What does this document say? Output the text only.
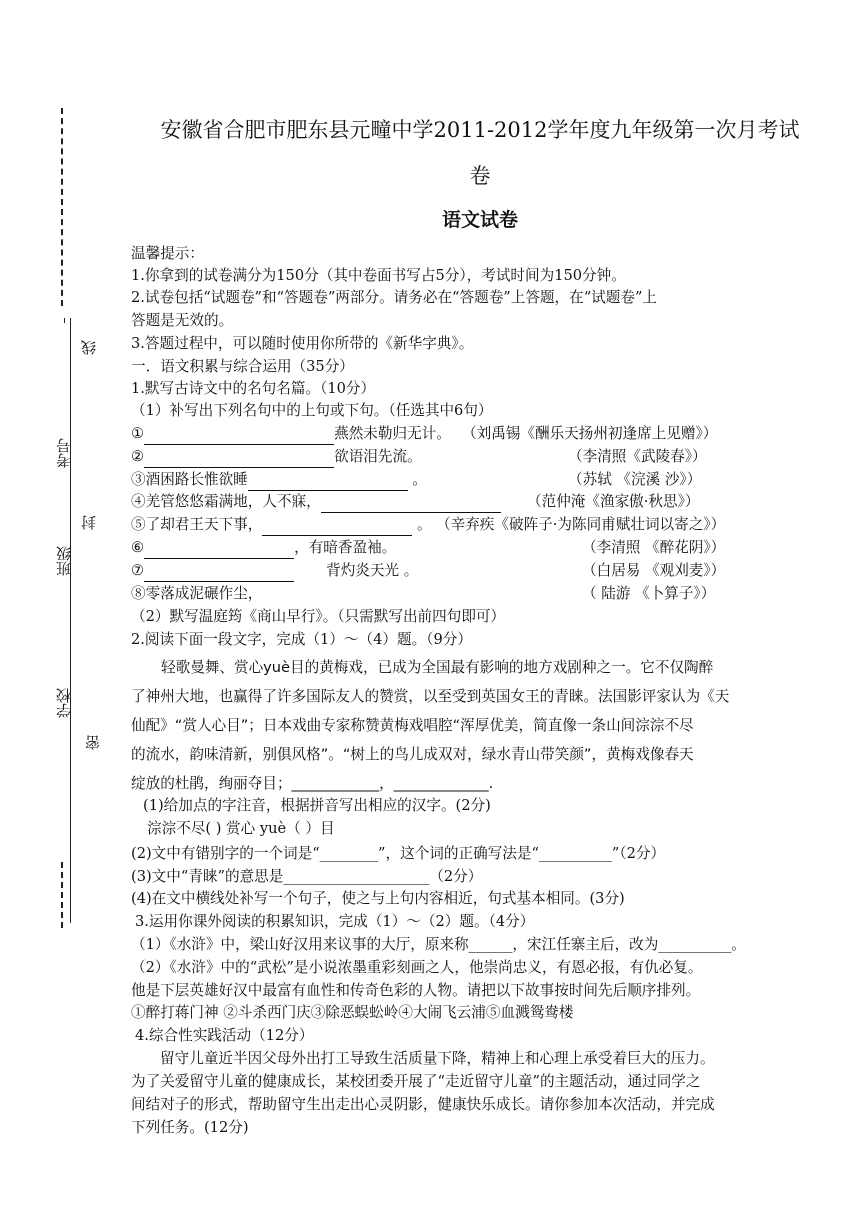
线
考号
封
班级
学校
密
安徽省合肥市肥东县元疃中学2011-2012学年度九年级第一次月考试
卷
语文试卷
温馨提示：
1.你拿到的试卷满分为150分（其中卷面书写占5分），考试时间为150分钟。
2.试卷包括“试题卷”和“答题卷”两部分。请务必在“答题卷”上答题，在“试题卷”上
答题是无效的。
3.答题过程中，可以随时使用你所带的《新华字典》。
一．语文积累与综合运用（35分）
1.默写古诗文中的名句名篇。（10分）
（1）补写出下列名句中的上句或下句。（任选其中6句）
①	燕然未勒归无计。 （刘禹锡《酬乐天扬州初逢席上见赠》）
②	欲语泪先流。	（李清照《武陵春》）
③酒困路长惟欲睡	。	（苏轼 《浣溪 沙》）
④羌管悠悠霜满地，人不寐，	（范仲淹《渔家傲·秋思》）
⑤了却君王天下事，	。 （辛弃疾《破阵子·为陈同甫赋壮词以寄之》）
⑥	，有暗香盈袖。	（李清照 《醉花阴》）
⑦	背灼炎天光 。	（白居易 《观刈麦》）
⑧零落成泥碾作尘，	（ 陆游 《卜算子》）
（2）默写温庭筠《商山早行》。（只需默写出前四句即可）
2.阅读下面一段文字，完成（1）～（4）题。（9分）
轻歌曼舞、赏心yuè目的黄梅戏，已成为全国最有影响的地方戏剧种之一。它不仅陶醉
了神州大地，也赢得了许多国际友人的赞赏，以至受到英国女王的青睐。法国影评家认为《天
仙配》“赏人心目”；日本戏曲专家称赞黄梅戏唱腔“浑厚优美，简直像一条山间淙淙不尽
的流水，韵味清新，别俱风格”。“树上的鸟儿成双对，绿水青山带笑颜”，黄梅戏像春天
绽放的杜鹃，绚丽夺目；____________，_____________.
(1)给加点的字注音，根据拼音写出相应的汉字。(2分)
淙淙不尽( ) 赏心 yuè（ ）目
(2)文中有错别字的一个词是“________”，这个词的正确写法是“__________”（2分）
(3)文中“青睐”的意思是____________________（2分）
(4)在文中横线处补写一个句子，使之与上句内容相近，句式基本相同。(3分)
3.运用你课外阅读的积累知识，完成（1）～（2）题。（4分）
（1）《水浒》中，梁山好汉用来议事的大厅，原来称______，宋江任寨主后，改为__________。
（2）《水浒》中的“武松”是小说浓墨重彩刻画之人，他崇尚忠义，有恩必报，有仇必复。
他是下层英雄好汉中最富有血性和传奇色彩的人物。请把以下故事按时间先后顺序排列。
①醉打蒋门神 ②斗杀西门庆③除恶蜈蚣岭④大闹飞云浦⑤血溅鸳鸯楼
4.综合性实践活动（12分）
留守儿童近半因父母外出打工导致生活质量下降，精神上和心理上承受着巨大的压力。
为了关爱留守儿童的健康成长，某校团委开展了“走近留守儿童”的主题活动，通过同学之
间结对子的形式，帮助留守生出走出心灵阴影，健康快乐成长。请你参加本次活动，并完成
下列任务。(12分)
